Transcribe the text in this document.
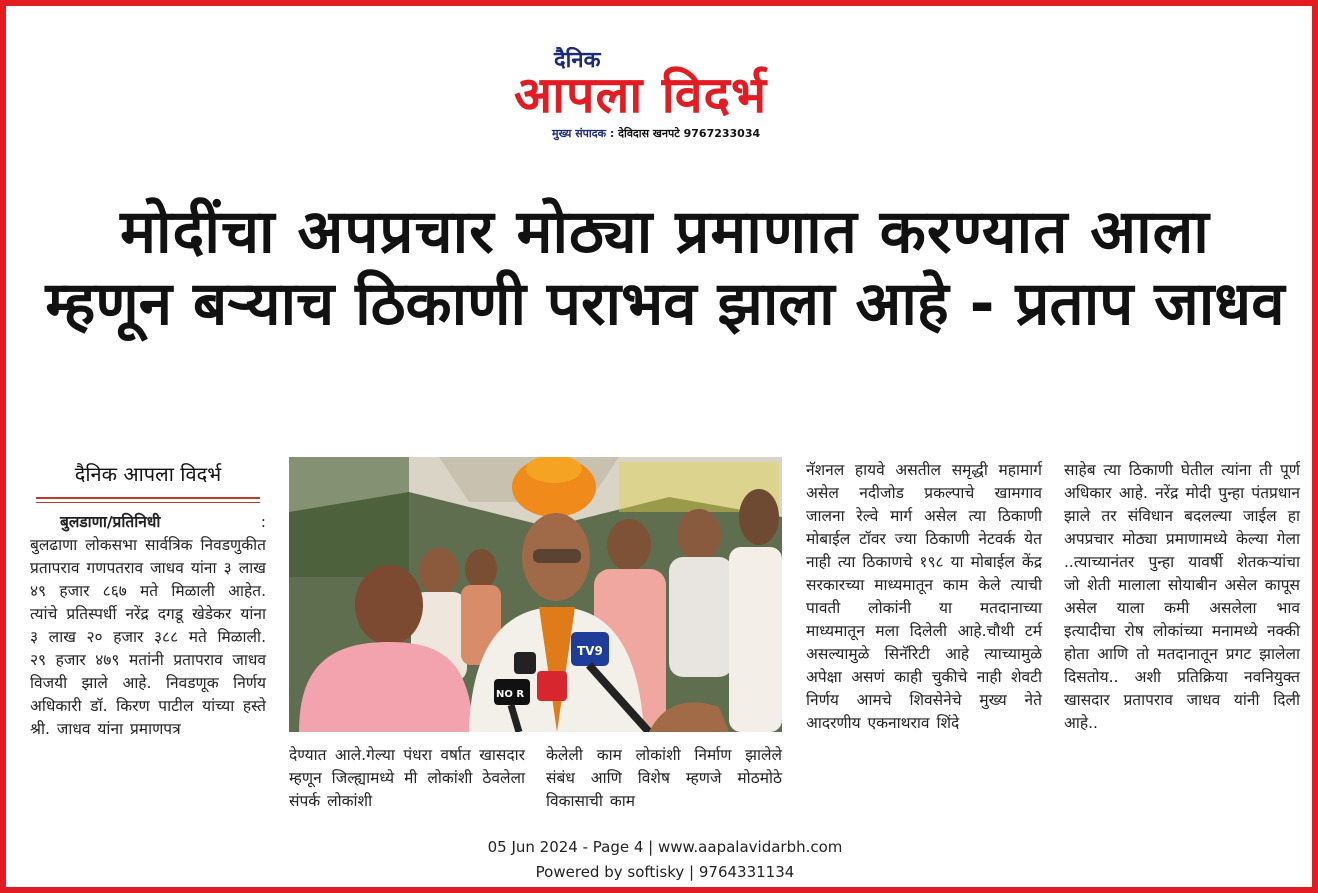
दैनिक
आपला विदर्भ
मुख्य संपादक : देविदास खनपटे 9767233034
मोदींचा अपप्रचार मोठ्या प्रमाणात करण्यात आला
म्हणून बऱ्याच ठिकाणी पराभव झाला आहे - प्रताप जाधव
दैनिक आपला विदर्भ
बुलडाणा/प्रतिनिधी	:
बुलढाणा लोकसभा सार्वत्रिक निवडणुकीत प्रतापराव गणपतराव जाधव यांना ३ लाख ४९ हजार ८६७ मते मिळाली आहेत. त्यांचे प्रतिस्पर्धी नरेंद्र दगडू खेडेकर यांना ३ लाख २० हजार ३८८ मते मिळाली. २९ हजार ४७९ मतांनी प्रतापराव जाधव विजयी झाले आहे. निवडणूक निर्णय अधिकारी डॉ. किरण पाटील यांच्या हस्ते श्री. जाधव यांना प्रमाणपत्र
TV9
NO R
देण्यात आले.गेल्या पंधरा वर्षात खासदार म्हणून जिल्ह्यामध्ये मी लोकांशी ठेवलेला संपर्क लोकांशी
केलेली काम लोकांशी निर्माण झालेले संबंध आणि विशेष म्हणजे मोठमोठे विकासाची काम
नॅशनल हायवे असतील समृद्धी महामार्ग असेल नदीजोड प्रकल्पाचे खामगाव जालना रेल्वे मार्ग असेल त्या ठिकाणी मोबाईल टॉवर ज्या ठिकाणी नेटवर्क येत नाही त्या ठिकाणचे १९८ या मोबाईल केंद्र सरकारच्या माध्यमातून काम केले त्याची पावती लोकांनी या मतदानाच्या माध्यमातून मला दिलेली आहे.चौथी टर्म असल्यामुळे सिनॅरिटी आहे त्याच्यामुळे अपेक्षा असणं काही चुकीचे नाही शेवटी निर्णय आमचे शिवसेनेचे मुख्य नेते आदरणीय एकनाथराव शिंदे
साहेब त्या ठिकाणी घेतील त्यांना ती पूर्ण अधिकार आहे. नरेंद्र मोदी पुन्हा पंतप्रधान झाले तर संविधान बदलल्या जाईल हा अपप्रचार मोठ्या प्रमाणामध्ये केल्या गेला ..त्याच्यानंतर पुन्हा यावर्षी शेतकऱ्यांचा जो शेती मालाला सोयाबीन असेल कापूस असेल याला कमी असलेला भाव इत्यादीचा रोष लोकांच्या मनामध्ये नक्की होता आणि तो मतदानातून प्रगट झालेला दिसतोय.. अशी प्रतिक्रिया नवनियुक्त खासदार प्रतापराव जाधव यांनी दिली आहे..
05 Jun 2024 - Page 4 | www.aapalavidarbh.com
Powered by softisky | 9764331134
